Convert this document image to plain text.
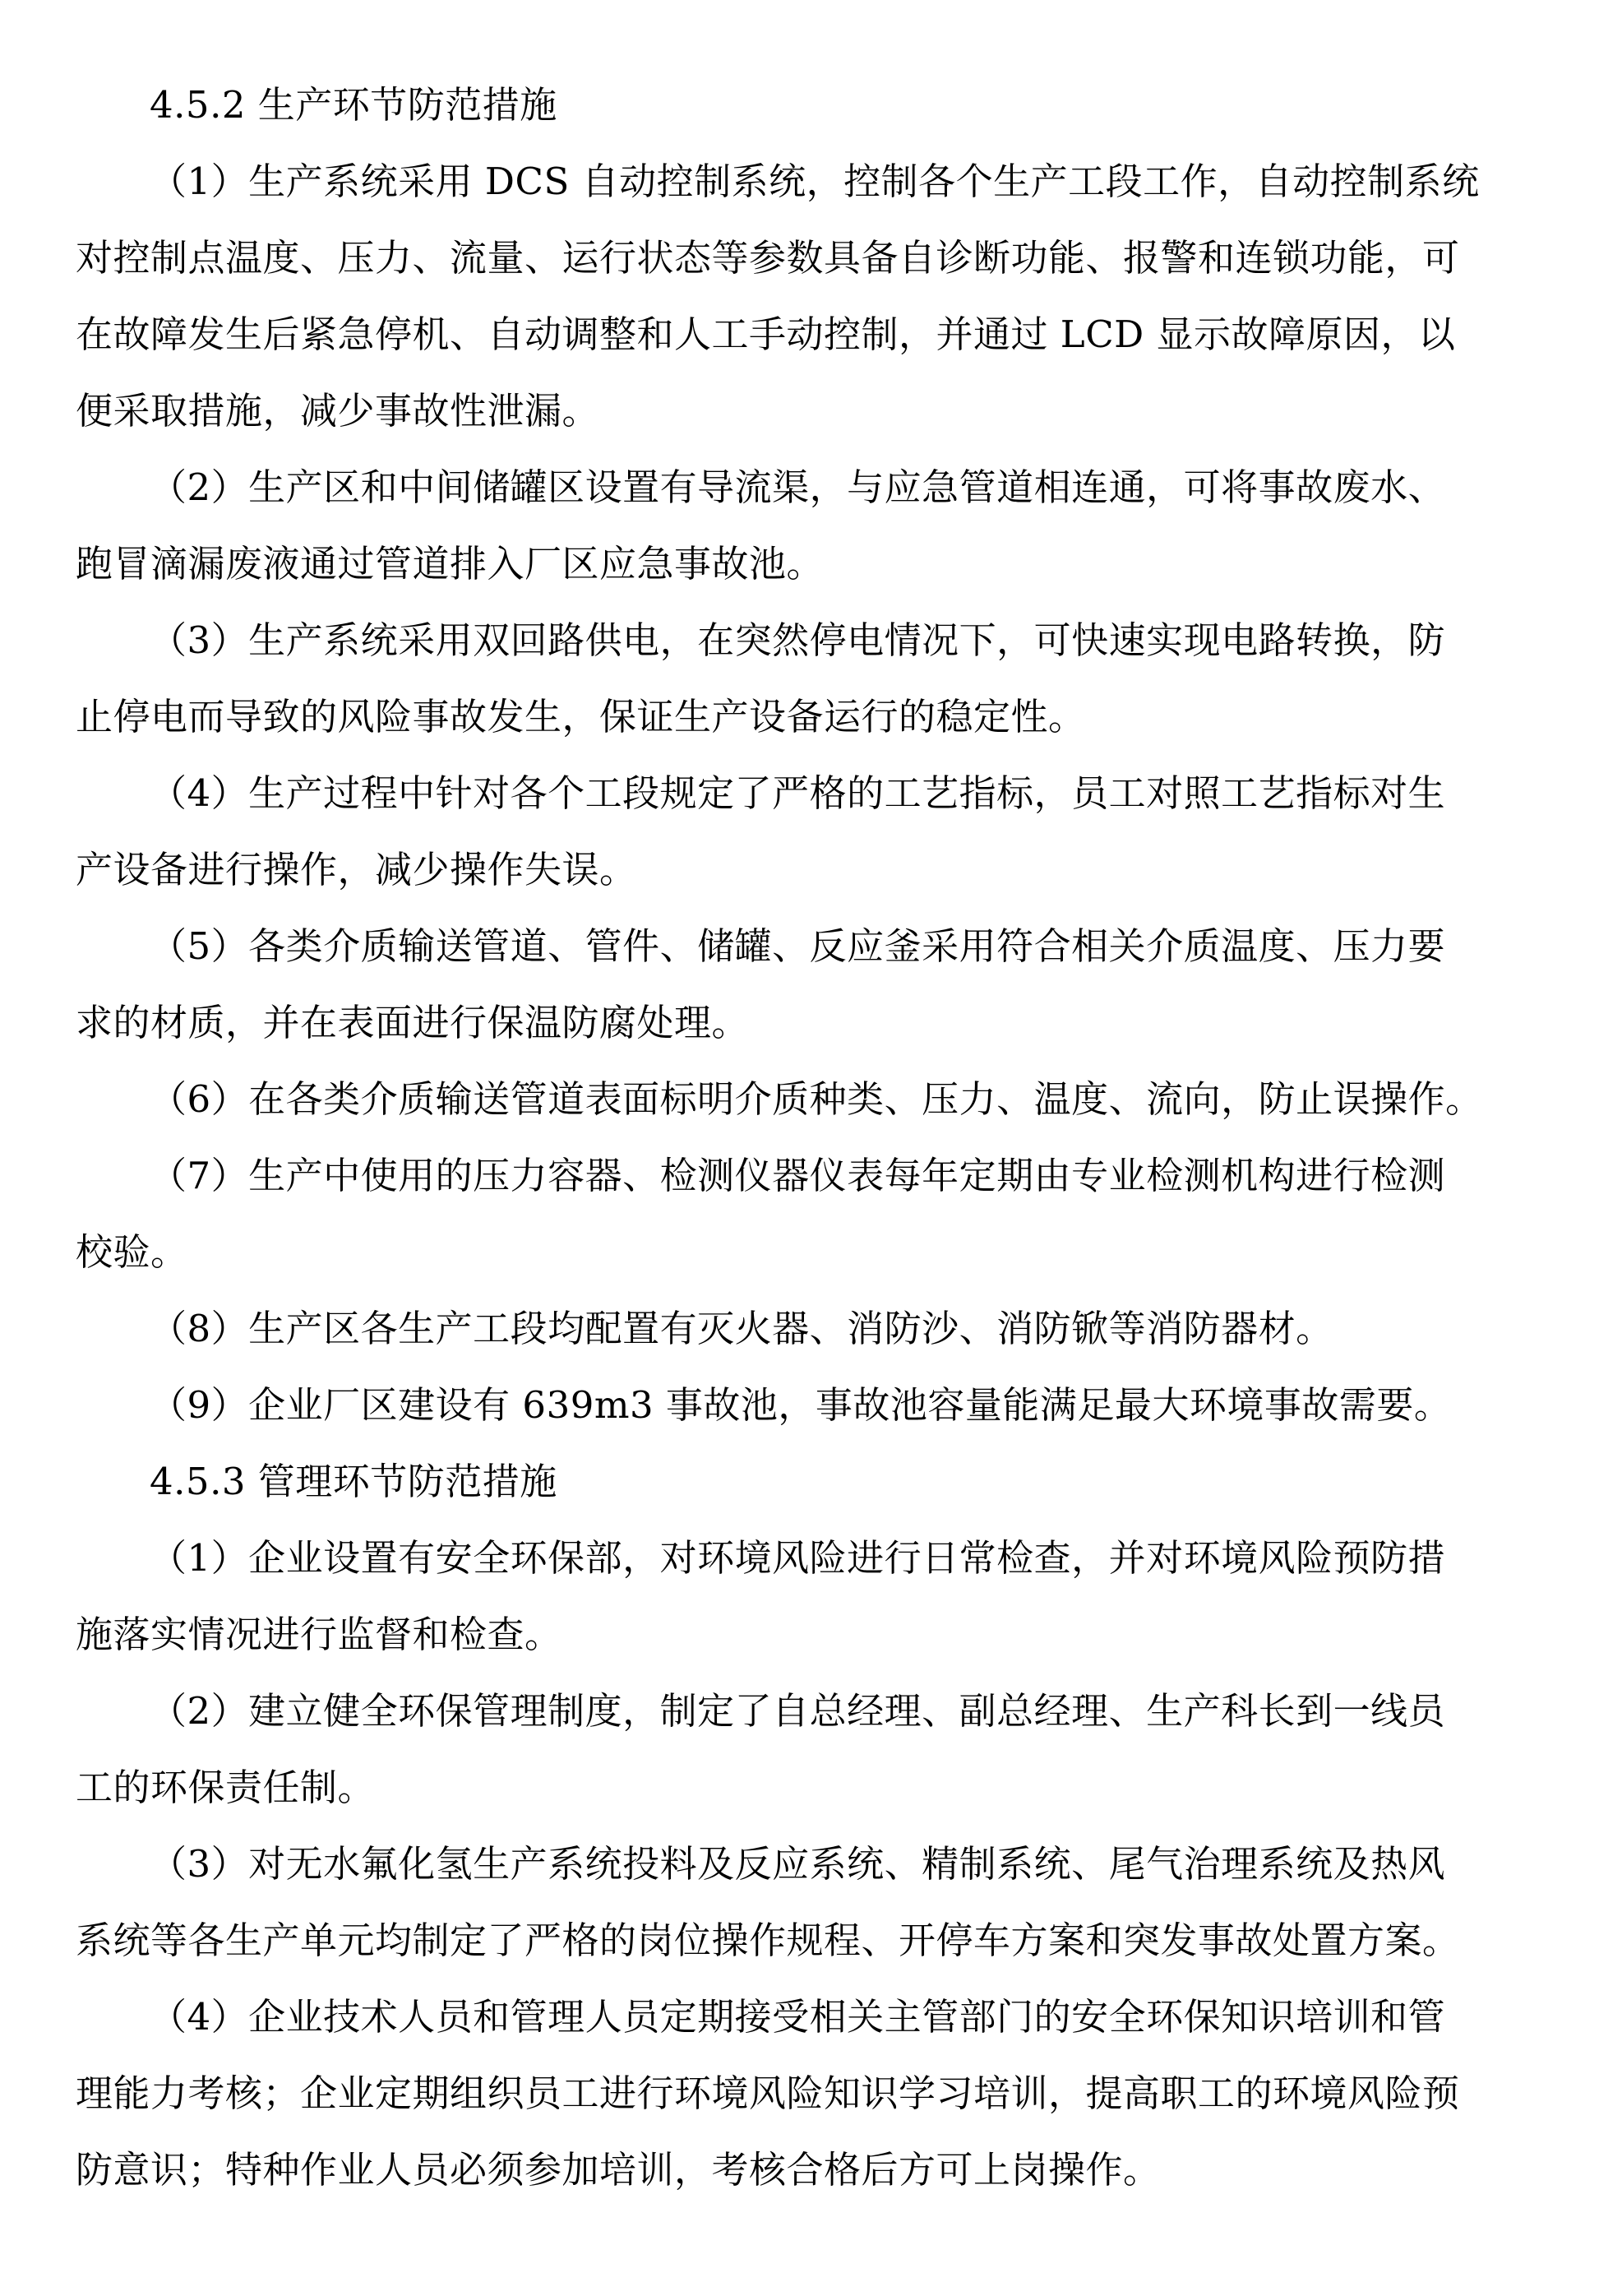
4.5.2 生产环节防范措施
（1）生产系统采用 DCS 自动控制系统，控制各个生产工段工作，自动控制系统
对控制点温度、压力、流量、运行状态等参数具备自诊断功能、报警和连锁功能，可
在故障发生后紧急停机、自动调整和人工手动控制，并通过 LCD 显示故障原因，以
便采取措施，减少事故性泄漏。
（2）生产区和中间储罐区设置有导流渠，与应急管道相连通，可将事故废水、
跑冒滴漏废液通过管道排入厂区应急事故池。
（3）生产系统采用双回路供电，在突然停电情况下，可快速实现电路转换，防
止停电而导致的风险事故发生，保证生产设备运行的稳定性。
（4）生产过程中针对各个工段规定了严格的工艺指标，员工对照工艺指标对生
产设备进行操作，减少操作失误。
（5）各类介质输送管道、管件、储罐、反应釜采用符合相关介质温度、压力要
求的材质，并在表面进行保温防腐处理。
（6）在各类介质输送管道表面标明介质种类、压力、温度、流向，防止误操作。
（7）生产中使用的压力容器、检测仪器仪表每年定期由专业检测机构进行检测
校验。
（8）生产区各生产工段均配置有灭火器、消防沙、消防锨等消防器材。
（9）企业厂区建设有 639m3 事故池，事故池容量能满足最大环境事故需要。
4.5.3 管理环节防范措施
（1）企业设置有安全环保部，对环境风险进行日常检查，并对环境风险预防措
施落实情况进行监督和检查。
（2）建立健全环保管理制度，制定了自总经理、副总经理、生产科长到一线员
工的环保责任制。
（3）对无水氟化氢生产系统投料及反应系统、精制系统、尾气治理系统及热风
系统等各生产单元均制定了严格的岗位操作规程、开停车方案和突发事故处置方案。
（4）企业技术人员和管理人员定期接受相关主管部门的安全环保知识培训和管
理能力考核；企业定期组织员工进行环境风险知识学习培训，提高职工的环境风险预
防意识；特种作业人员必须参加培训，考核合格后方可上岗操作。
